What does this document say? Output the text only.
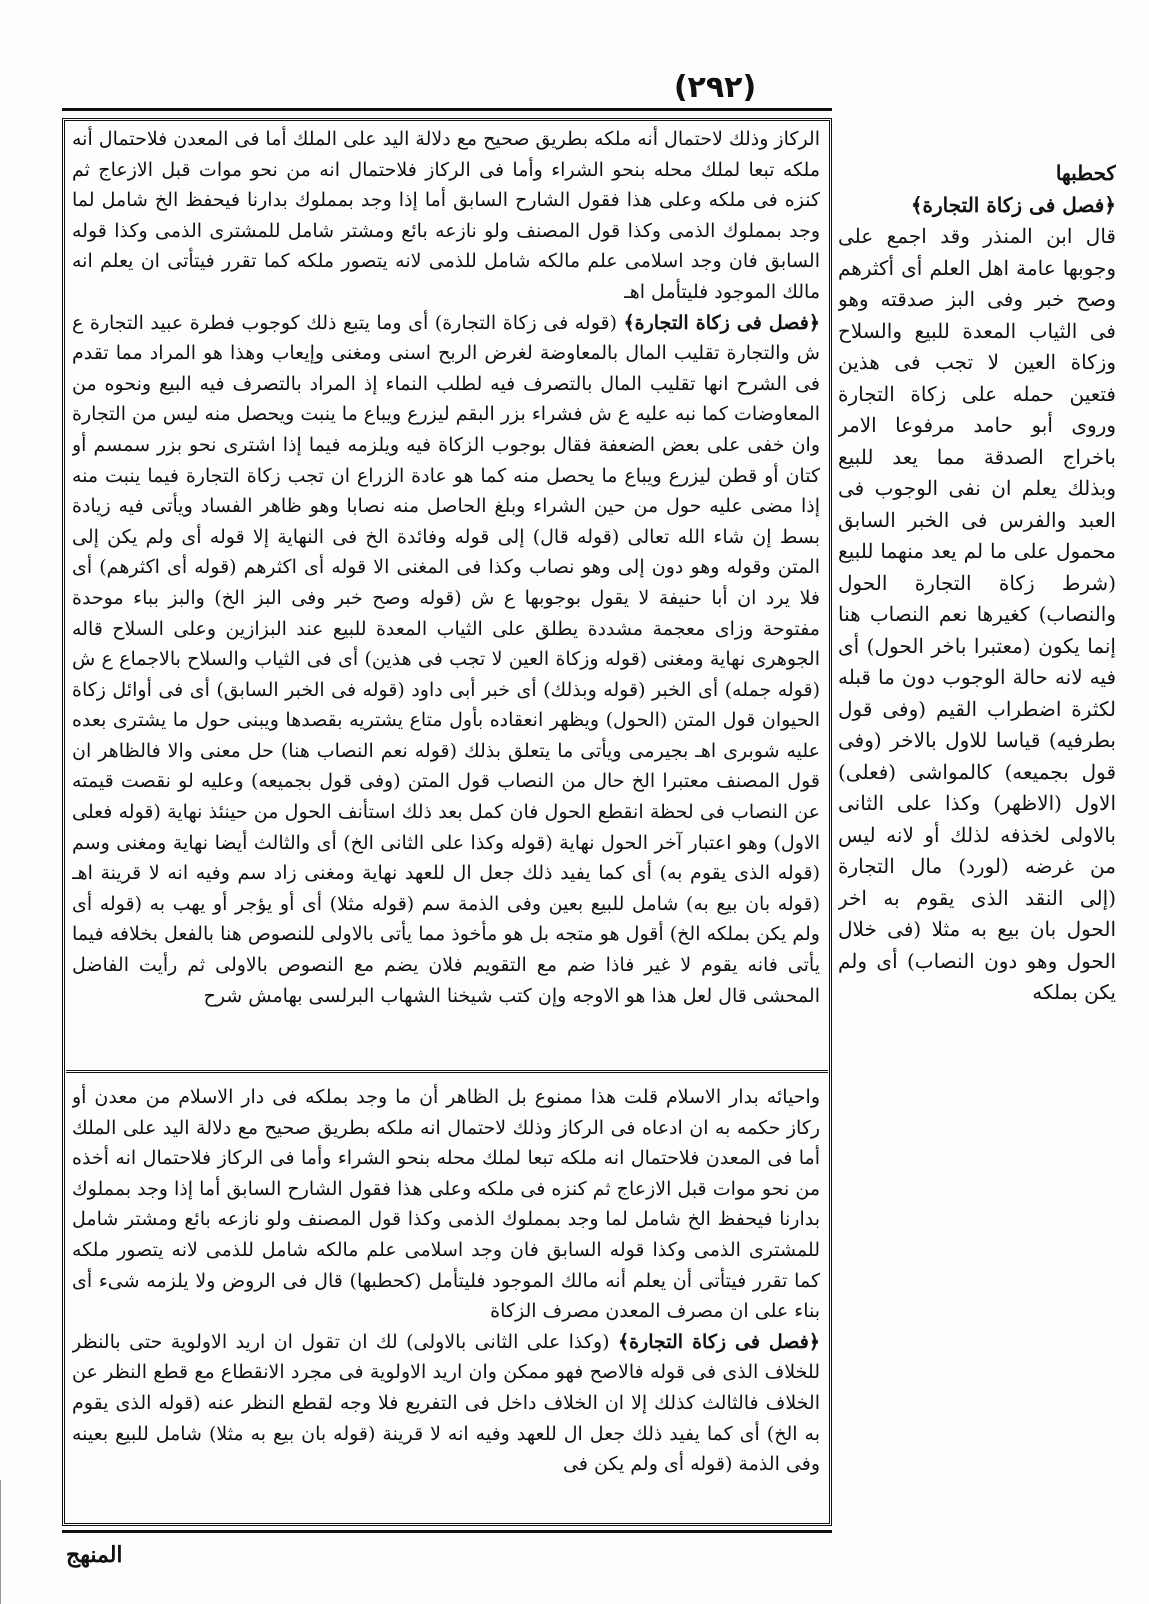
(٢٩٢)

الركاز وذلك لاحتمال أنه ملكه بطريق صحيح مع دلالة اليد على الملك أما فى المعدن فلاحتمال أنه ملكه تبعا لملك محله بنحو الشراء وأما فى الركاز فلاحتمال انه من نحو موات قبل الازعاج ثم كنزه فى ملكه وعلى هذا فقول الشارح السابق أما إذا وجد بمملوك بدارنا فيحفظ الخ شامل لما وجد بمملوك الذمى وكذا قول المصنف ولو نازعه بائع ومشتر شامل للمشترى الذمى وكذا قوله السابق فان وجد اسلامى علم مالكه شامل للذمى لانه يتصور ملكه كما تقرر فيتأتى ان يعلم انه مالك الموجود فليتأمل اهـ

﴿فصل فى زكاة التجارة﴾ (قوله فى زكاة التجارة) أى وما يتبع ذلك كوجوب فطرة عبيد التجارة ع ش والتجارة تقليب المال بالمعاوضة لغرض الربح اسنى ومغنى وإيعاب وهذا هو المراد مما تقدم فى الشرح انها تقليب المال بالتصرف فيه لطلب النماء إذ المراد بالتصرف فيه البيع ونحوه من المعاوضات كما نبه عليه ع ش فشراء بزر البقم ليزرع ويباع ما ينبت ويحصل منه ليس من التجارة وان خفى على بعض الضعفة فقال بوجوب الزكاة فيه ويلزمه فيما إذا اشترى نحو بزر سمسم أو كتان أو قطن ليزرع ويباع ما يحصل منه كما هو عادة الزراع ان تجب زكاة التجارة فيما ينبت منه إذا مضى عليه حول من حين الشراء وبلغ الحاصل منه نصابا وهو ظاهر الفساد ويأتى فيه زيادة بسط إن شاء الله تعالى (قوله قال) إلى قوله وفائدة الخ فى النهاية إلا قوله أى ولم يكن إلى المتن وقوله وهو دون إلى وهو نصاب وكذا فى المغنى الا قوله أى اكثرهم (قوله أى اكثرهم) أى فلا يرد ان أبا حنيفة لا يقول بوجوبها ع ش (قوله وصح خبر وفى البز الخ) والبز بباء موحدة مفتوحة وزاى معجمة مشددة يطلق على الثياب المعدة للبيع عند البزازين وعلى السلاح قاله الجوهرى نهاية ومغنى (قوله وزكاة العين لا تجب فى هذين) أى فى الثياب والسلاح بالاجماع ع ش (قوله جمله) أى الخبر (قوله وبذلك) أى خبر أبى داود (قوله فى الخبر السابق) أى فى أوائل زكاة الحيوان قول المتن (الحول) ويظهر انعقاده بأول متاع يشتريه بقصدها ويبنى حول ما يشترى بعده عليه شوبرى اهـ بجيرمى ويأتى ما يتعلق بذلك (قوله نعم النصاب هنا) حل معنى والا فالظاهر ان قول المصنف معتبرا الخ حال من النصاب قول المتن (وفى قول بجميعه) وعليه لو نقصت قيمته عن النصاب فى لحظة انقطع الحول فان كمل بعد ذلك استأنف الحول من حينئذ نهاية (قوله فعلى الاول) وهو اعتبار آخر الحول نهاية (قوله وكذا على الثانى الخ) أى والثالث أيضا نهاية ومغنى وسم (قوله الذى يقوم به) أى كما يفيد ذلك جعل ال للعهد نهاية ومغنى زاد سم وفيه انه لا قرينة اهـ (قوله بان بيع به) شامل للبيع بعين وفى الذمة سم (قوله مثلا) أى أو يؤجر أو يهب به (قوله أى ولم يكن بملكه الخ) أقول هو متجه بل هو مأخوذ مما يأتى بالاولى للنصوص هنا بالفعل بخلافه فيما يأتى فانه يقوم لا غير فاذا ضم مع التقويم فلان يضم مع النصوص بالاولى ثم رأيت الفاضل المحشى قال لعل هذا هو الاوجه وإن كتب شيخنا الشهاب البرلسى بهامش شرح

واحيائه بدار الاسلام قلت هذا ممنوع بل الظاهر أن ما وجد بملكه فى دار الاسلام من معدن أو ركاز حكمه به ان ادعاه فى الركاز وذلك لاحتمال انه ملكه بطريق صحيح مع دلالة اليد على الملك أما فى المعدن فلاحتمال انه ملكه تبعا لملك محله بنحو الشراء وأما فى الركاز فلاحتمال انه أخذه من نحو موات قبل الازعاج ثم كنزه فى ملكه وعلى هذا فقول الشارح السابق أما إذا وجد بمملوك بدارنا فيحفظ الخ شامل لما وجد بمملوك الذمى وكذا قول المصنف ولو نازعه بائع ومشتر شامل للمشترى الذمى وكذا قوله السابق فان وجد اسلامى علم مالكه شامل للذمى لانه يتصور ملكه كما تقرر فيتأتى أن يعلم أنه مالك الموجود فليتأمل (كحطبها) قال فى الروض ولا يلزمه شىء أى بناء على ان مصرف المعدن مصرف الزكاة

﴿فصل فى زكاة التجارة﴾ (وكذا على الثانى بالاولى) لك ان تقول ان اريد الاولوية حتى بالنظر للخلاف الذى فى قوله فالاصح فهو ممكن وان اريد الاولوية فى مجرد الانقطاع مع قطع النظر عن الخلاف فالثالث كذلك إلا ان الخلاف داخل فى التفريع فلا وجه لقطع النظر عنه (قوله الذى يقوم به الخ) أى كما يفيد ذلك جعل ال للعهد وفيه انه لا قرينة (قوله بان بيع به مثلا) شامل للبيع بعينه وفى الذمة (قوله أى ولم يكن فى

كحطبها

﴿فصل فى زكاة التجارة﴾

قال ابن المنذر وقد اجمع على وجوبها عامة اهل العلم أى أكثرهم وصح خبر وفى البز صدقته وهو فى الثياب المعدة للبيع والسلاح وزكاة العين لا تجب فى هذين فتعين حمله على زكاة التجارة وروى أبو حامد مرفوعا الامر باخراج الصدقة مما يعد للبيع وبذلك يعلم ان نفى الوجوب فى العبد والفرس فى الخبر السابق محمول على ما لم يعد منهما للبيع (شرط زكاة التجارة الحول والنصاب) كغيرها نعم النصاب هنا إنما يكون (معتبرا باخر الحول) أى فيه لانه حالة الوجوب دون ما قبله لكثرة اضطراب القيم (وفى قول بطرفيه) قياسا للاول بالاخر (وفى قول بجميعه) كالمواشى (فعلى) الاول (الاظهر) وكذا على الثانى بالاولى لخذفه لذلك أو لانه ليس من غرضه (لورد) مال التجارة (إلى النقد الذى يقوم به اخر الحول بان بيع به مثلا (فى خلال الحول وهو دون النصاب) أى ولم يكن بملكه

المنهج
